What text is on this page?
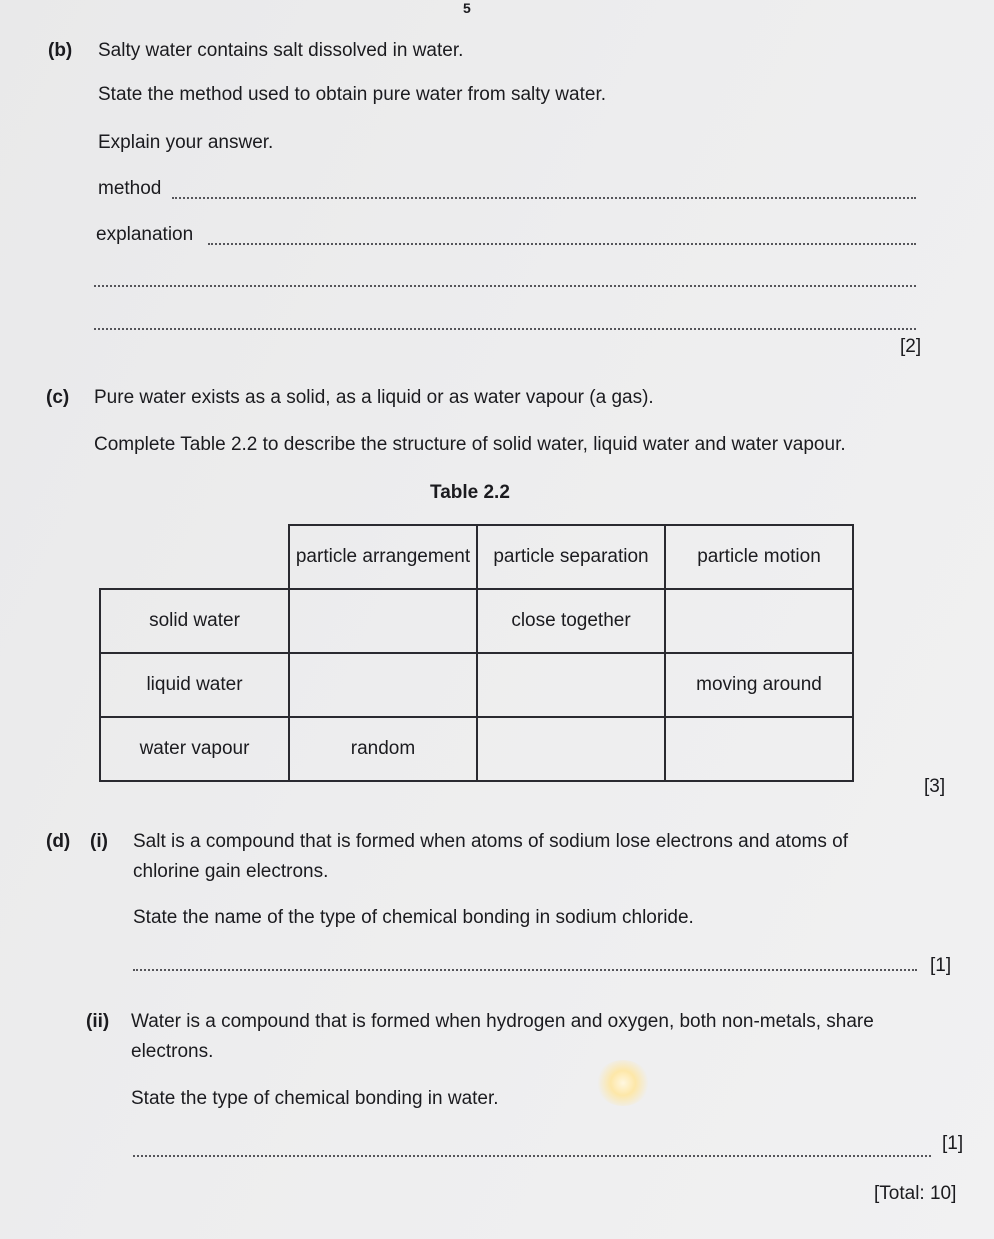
5
(b) Salty water contains salt dissolved in water.
State the method used to obtain pure water from salty water.
Explain your answer.
method
explanation
[2]
(c) Pure water exists as a solid, as a liquid or as water vapour (a gas).
Complete Table 2.2 to describe the structure of solid water, liquid water and water vapour.
Table 2.2
	particle arrangement	particle separation	particle motion
solid water		close together	
liquid water			moving around
water vapour	random		
[3]
(d) (i) Salt is a compound that is formed when atoms of sodium lose electrons and atoms of
chlorine gain electrons.
State the name of the type of chemical bonding in sodium chloride.
[1]
(ii) Water is a compound that is formed when hydrogen and oxygen, both non-metals, share
electrons.
State the type of chemical bonding in water.
[1]
[Total: 10]
